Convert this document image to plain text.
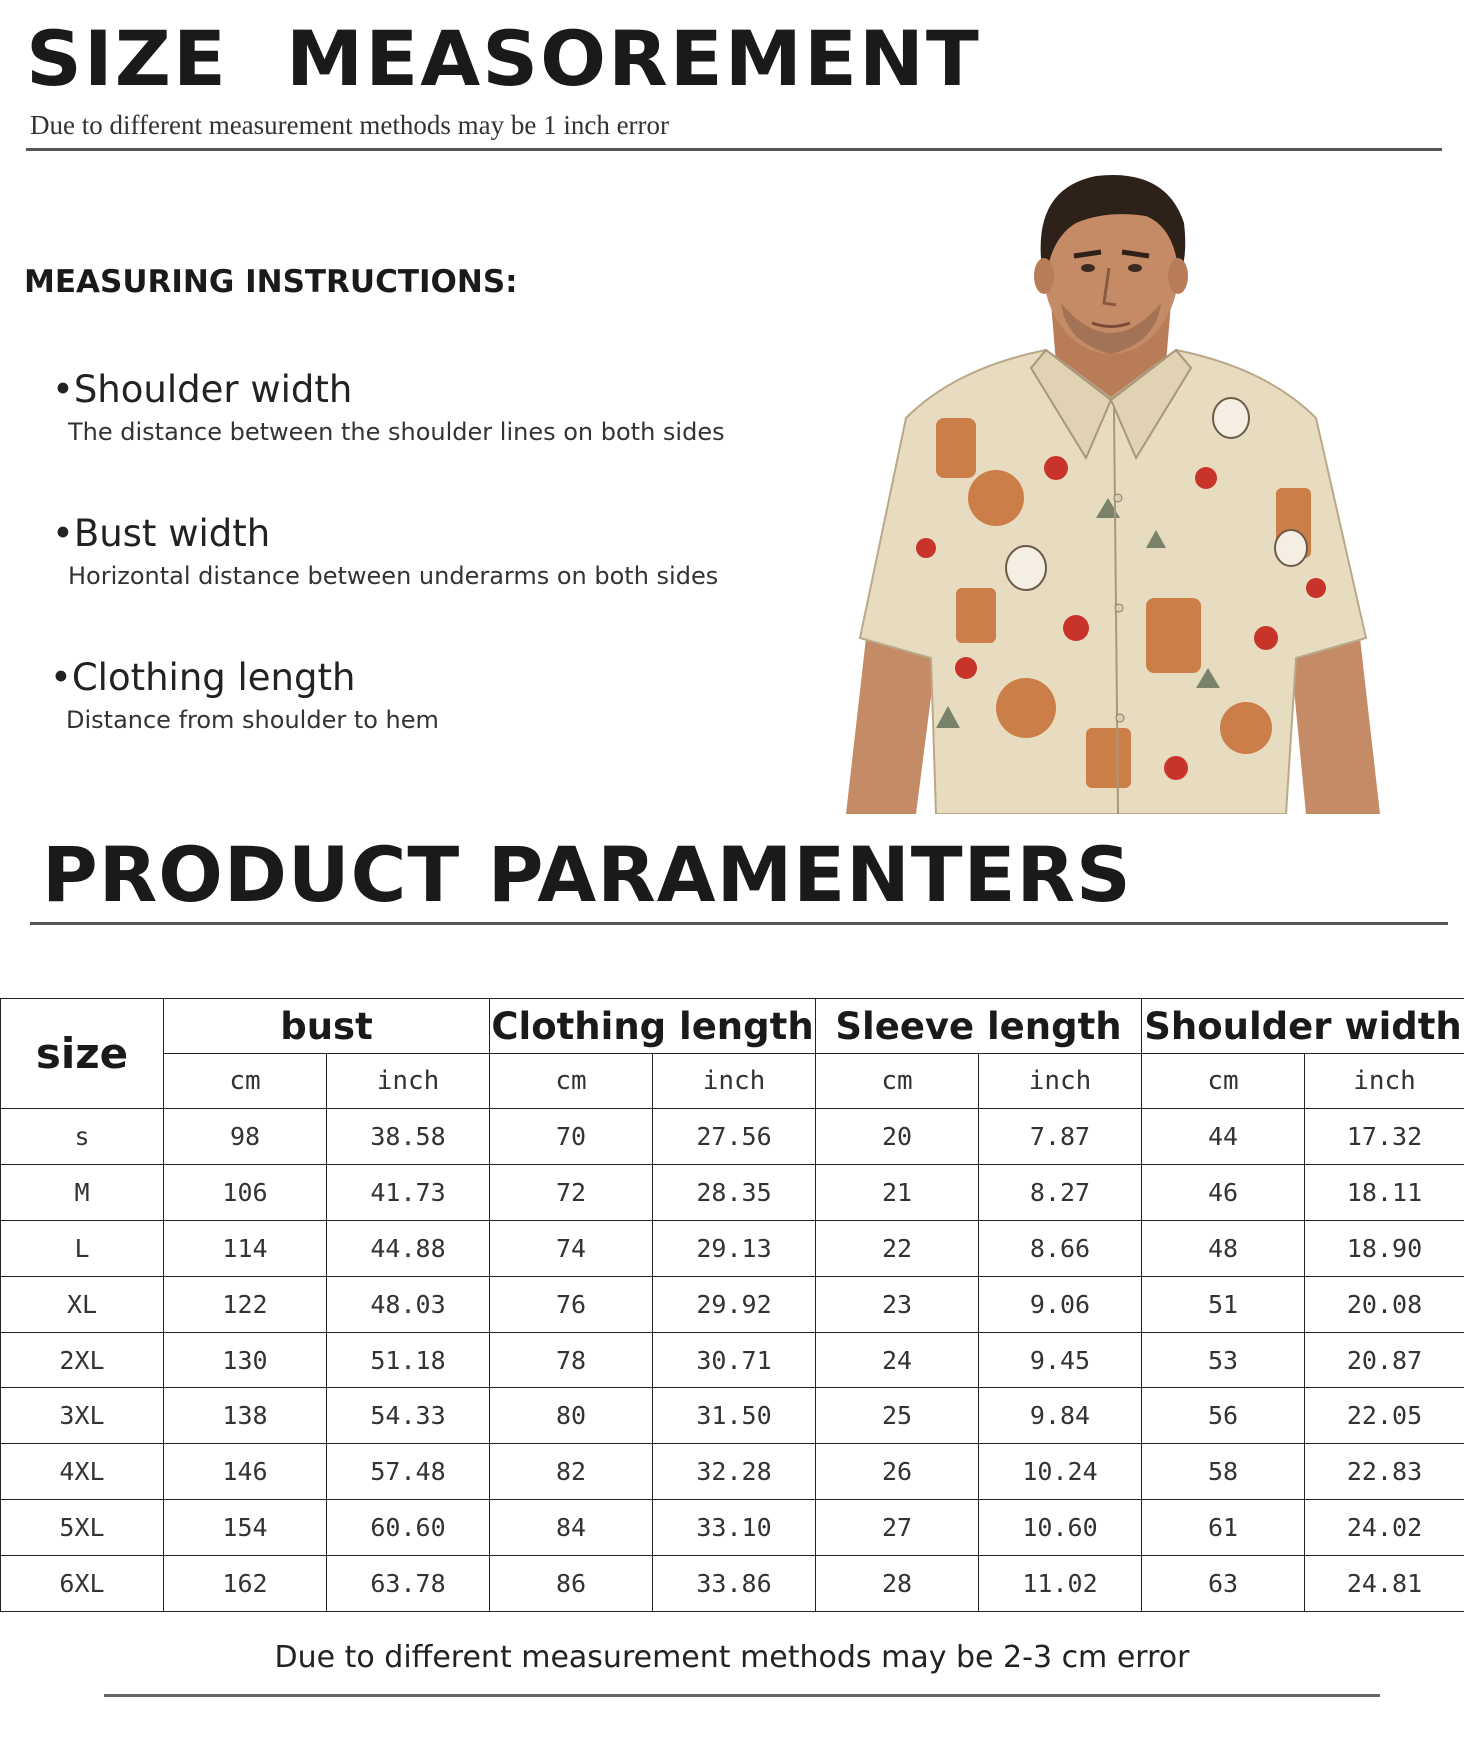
SIZE  MEASOREMENT
Due to different measurement methods may be 1 inch error
MEASURING INSTRUCTIONS:
•Shoulder width
The distance between the shoulder lines on both sides
•Bust width
Horizontal distance between underarms on both sides
•Clothing length
Distance from shoulder to hem
PRODUCT PARAMENTERS
size	bust		Clothing length		Sleeve length		Shoulder width	
	cm	inch	cm	inch	cm	inch	cm	inch
s	98	38.58	70	27.56	20	7.87	44	17.32
M	106	41.73	72	28.35	21	8.27	46	18.11
L	114	44.88	74	29.13	22	8.66	48	18.90
XL	122	48.03	76	29.92	23	9.06	51	20.08
2XL	130	51.18	78	30.71	24	9.45	53	20.87
3XL	138	54.33	80	31.50	25	9.84	56	22.05
4XL	146	57.48	82	32.28	26	10.24	58	22.83
5XL	154	60.60	84	33.10	27	10.60	61	24.02
6XL	162	63.78	86	33.86	28	11.02	63	24.81
Due to different measurement methods may be 2-3 cm error
